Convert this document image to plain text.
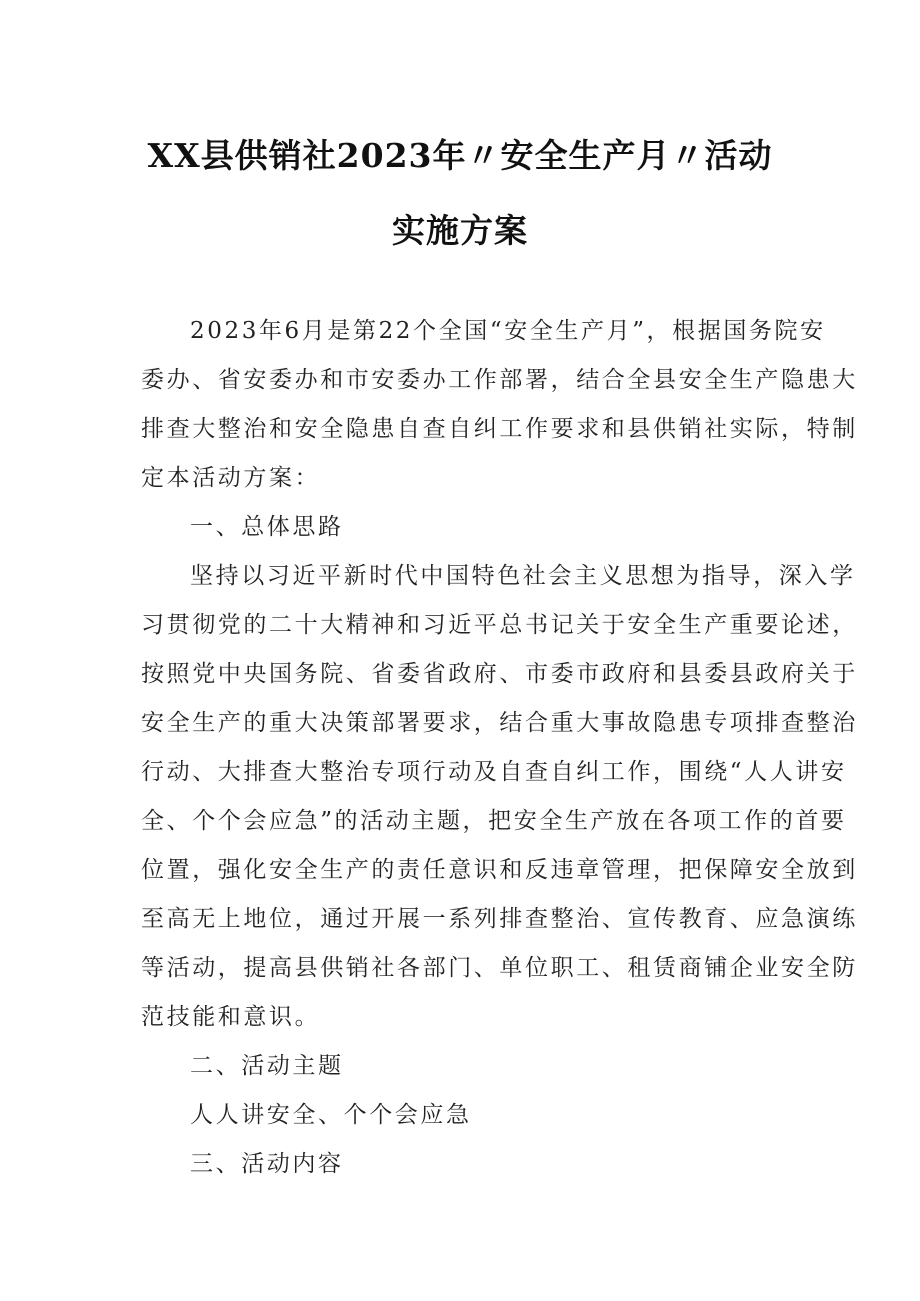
XX县供销社2023年〃安全生产月〃活动
实施方案
2023年6月是第22个全国“安全生产月”，根据国务院安
委办、省安委办和市安委办工作部署，结合全县安全生产隐患大
排查大整治和安全隐患自查自纠工作要求和县供销社实际，特制
定本活动方案：
一、总体思路
坚持以习近平新时代中国特色社会主义思想为指导，深入学
习贯彻党的二十大精神和习近平总书记关于安全生产重要论述，
按照党中央国务院、省委省政府、市委市政府和县委县政府关于
安全生产的重大决策部署要求，结合重大事故隐患专项排查整治
行动、大排查大整治专项行动及自查自纠工作，围绕“人人讲安
全、个个会应急”的活动主题，把安全生产放在各项工作的首要
位置，强化安全生产的责任意识和反违章管理，把保障安全放到
至高无上地位，通过开展一系列排查整治、宣传教育、应急演练
等活动，提高县供销社各部门、单位职工、租赁商铺企业安全防
范技能和意识。
二、活动主题
人人讲安全、个个会应急
三、活动内容
